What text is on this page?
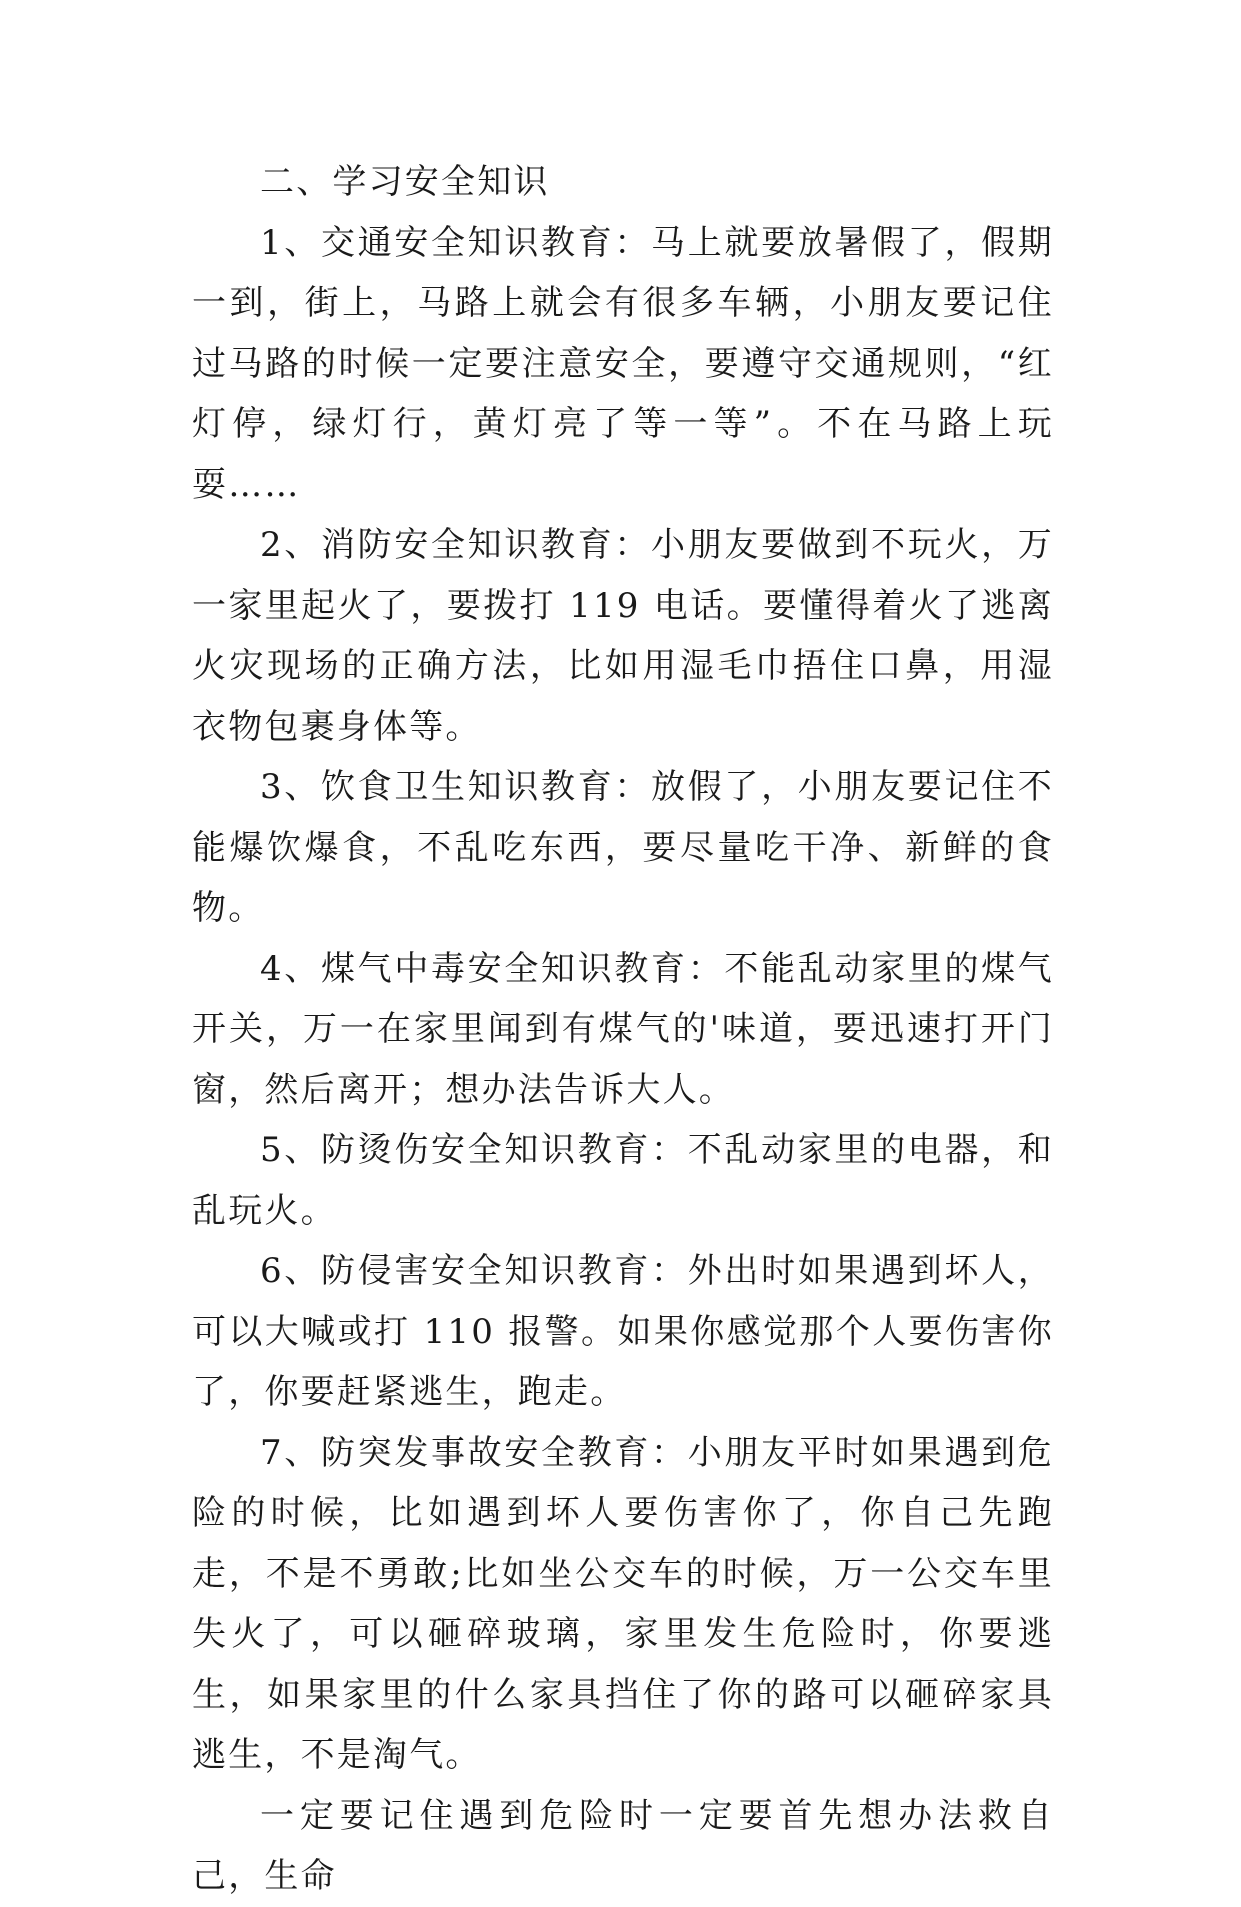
二、学习安全知识

1、交通安全知识教育：马上就要放暑假了，假期一到，街上，马路上就会有很多车辆，小朋友要记住过马路的时候一定要注意安全，要遵守交通规则，“红灯停，绿灯行，黄灯亮了等一等”。不在马路上玩耍……

2、消防安全知识教育：小朋友要做到不玩火，万一家里起火了，要拨打 119 电话。要懂得着火了逃离火灾现场的正确方法，比如用湿毛巾捂住口鼻，用湿衣物包裹身体等。

3、饮食卫生知识教育：放假了，小朋友要记住不能爆饮爆食，不乱吃东西，要尽量吃干净、新鲜的食物。

4、煤气中毒安全知识教育：不能乱动家里的煤气开关，万一在家里闻到有煤气的'味道，要迅速打开门窗，然后离开；想办法告诉大人。

5、防烫伤安全知识教育：不乱动家里的电器，和乱玩火。

6、防侵害安全知识教育：外出时如果遇到坏人，可以大喊或打 110 报警。如果你感觉那个人要伤害你了，你要赶紧逃生，跑走。

7、防突发事故安全教育：小朋友平时如果遇到危险的时候，比如遇到坏人要伤害你了，你自己先跑走，不是不勇敢;比如坐公交车的时候，万一公交车里失火了，可以砸碎玻璃，家里发生危险时，你要逃生，如果家里的什么家具挡住了你的路可以砸碎家具逃生，不是淘气。

一定要记住遇到危险时一定要首先想办法救自己，生命
